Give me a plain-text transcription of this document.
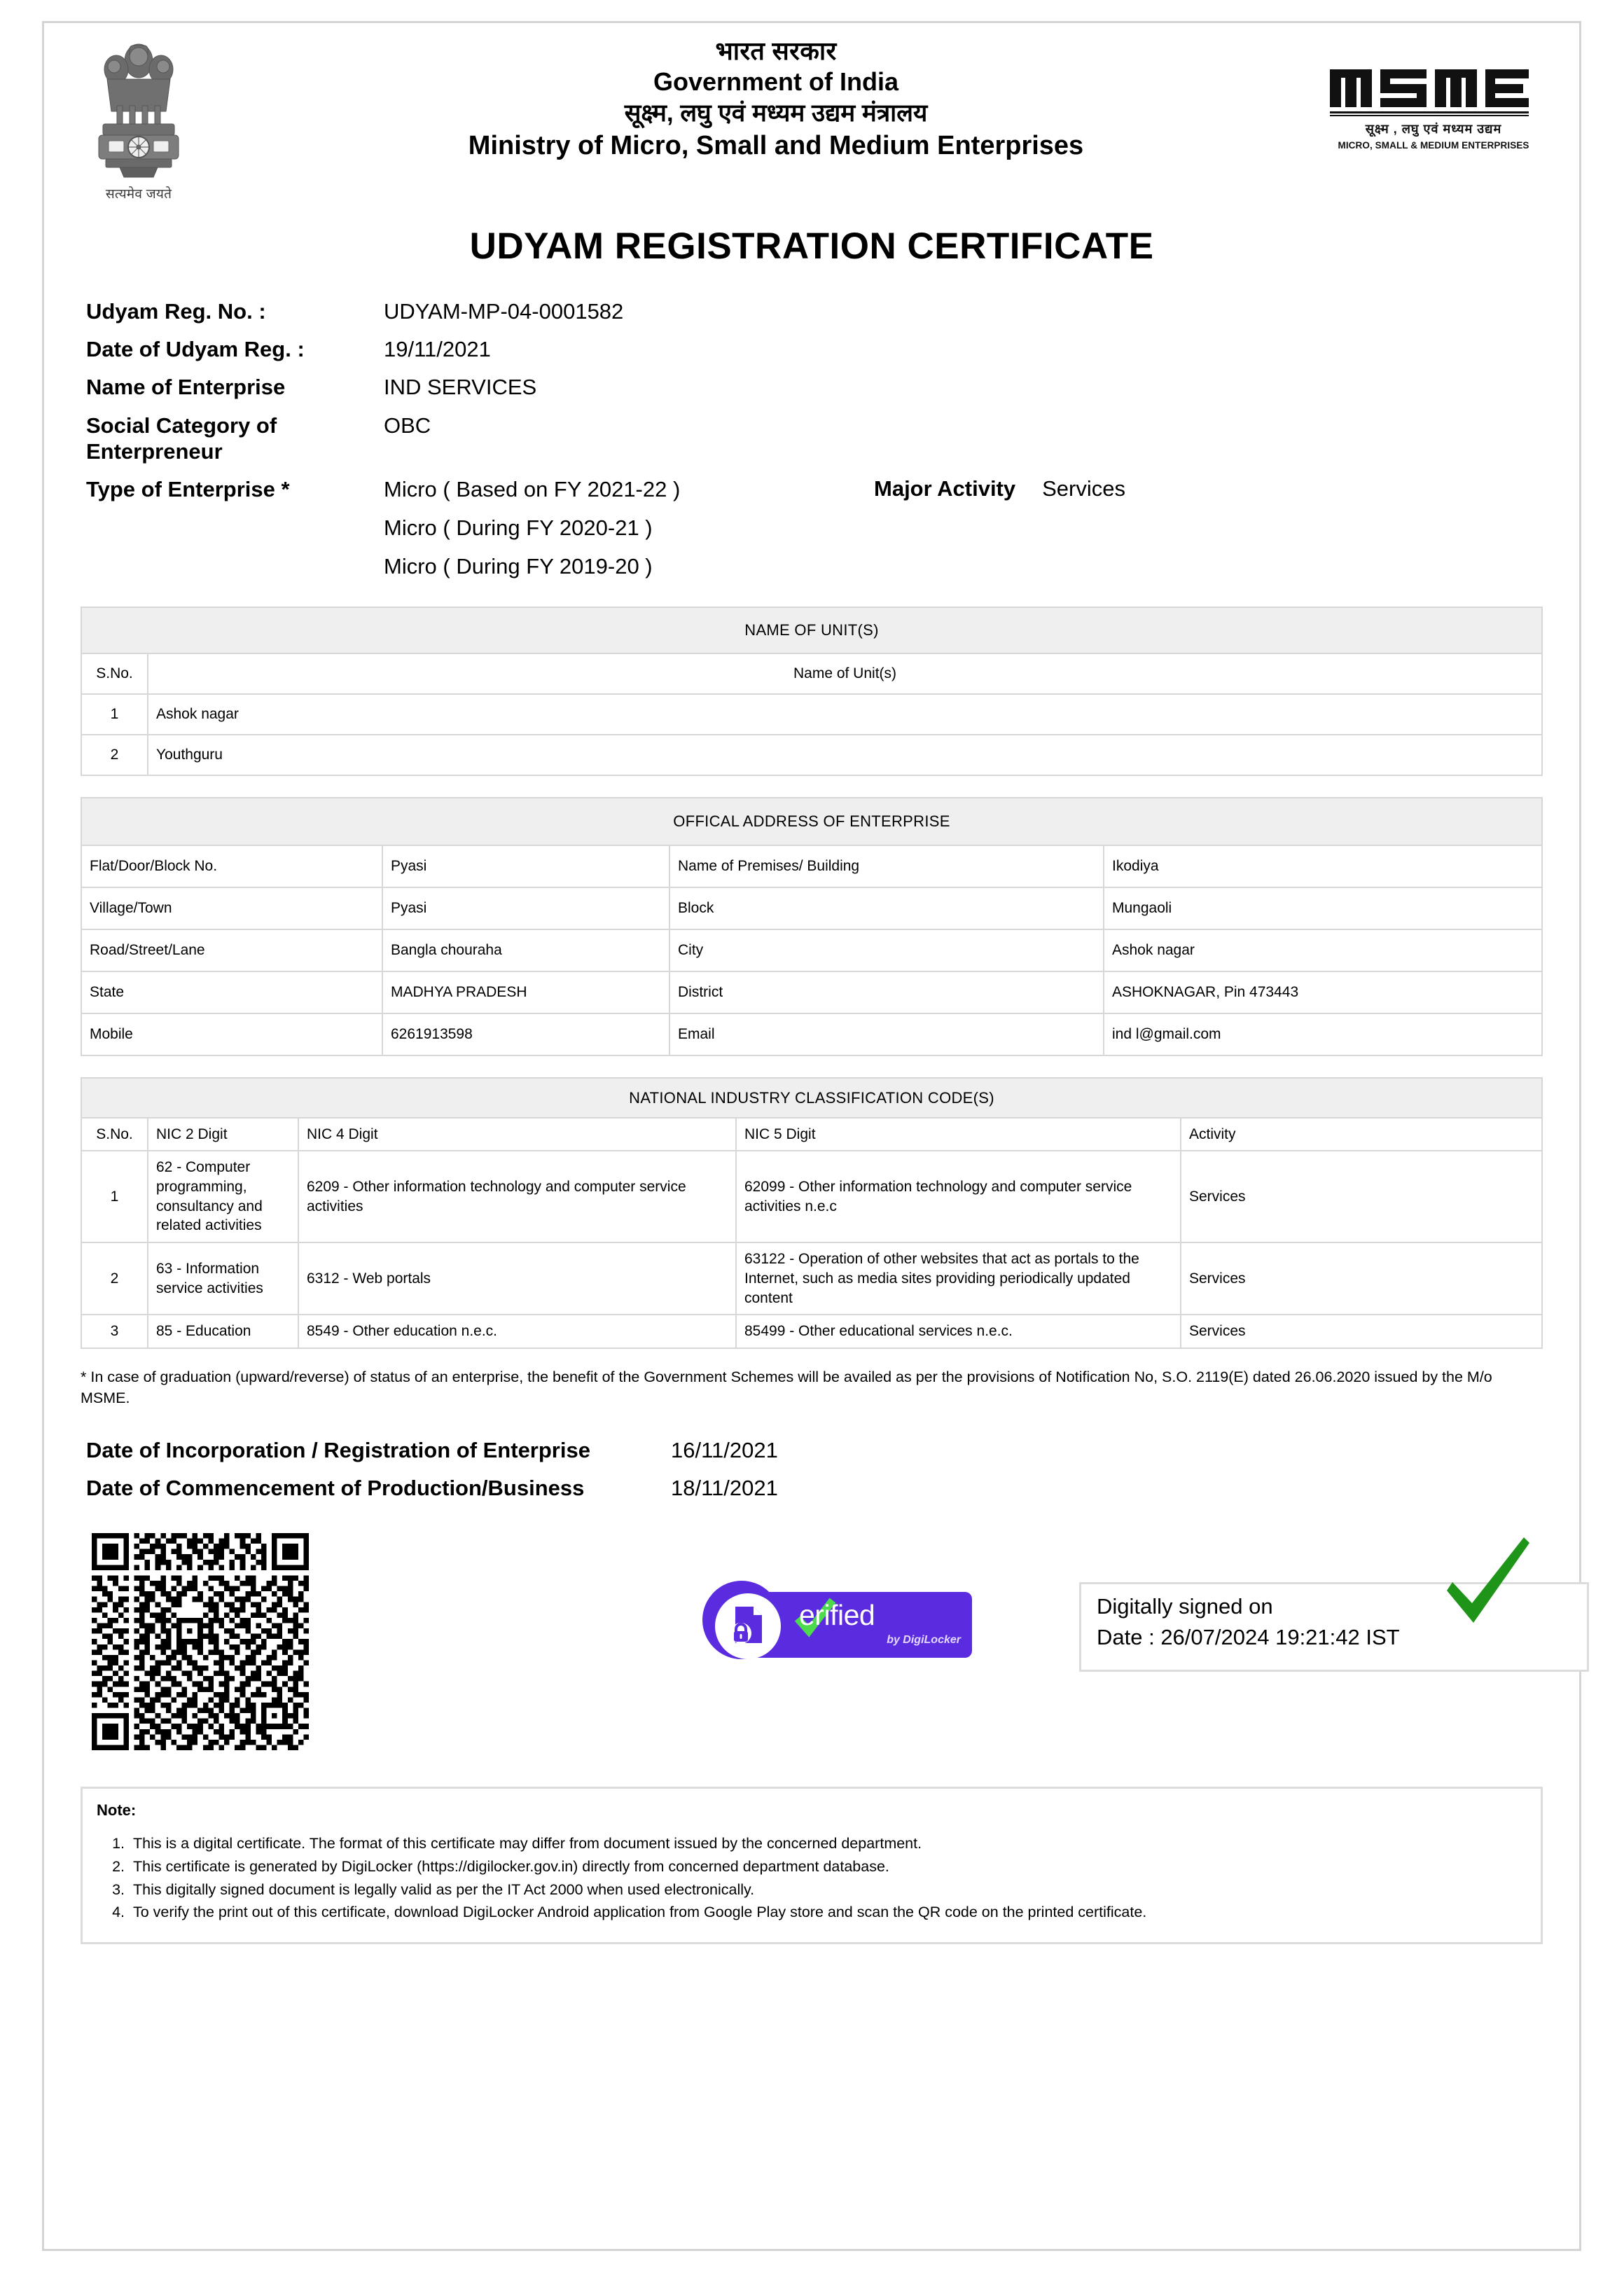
सत्यमेव जयते
भारत सरकार
Government of India
सूक्ष्म, लघु एवं मध्यम उद्यम मंत्रालय
Ministry of Micro, Small and Medium Enterprises
सूक्ष्म , लघु एवं मध्यम उद्यम
MICRO, SMALL & MEDIUM ENTERPRISES
UDYAM REGISTRATION CERTIFICATE
Udyam Reg. No. :	UDYAM-MP-04-0001582
Date of Udyam Reg. :	19/11/2021
Name of Enterprise	IND SERVICES
Social Category of Enterpreneur
OBC
Type of Enterprise *	Micro ( Based on FY 2021-22 )
Micro ( During FY 2020-21 )
Micro ( During FY 2019-20 )
Major Activity Services
NAME OF UNIT(S)	
S.No.	Name of Unit(s)
1	Ashok nagar
2	Youthguru
OFFICAL ADDRESS OF ENTERPRISE			
Flat/Door/Block No.	Pyasi	Name of Premises/ Building	Ikodiya
Village/Town	Pyasi	Block	Mungaoli
Road/Street/Lane	Bangla chouraha	City	Ashok nagar
State	MADHYA PRADESH	District	ASHOKNAGAR, Pin 473443
Mobile	6261913598	Email	ind l@gmail.com
NATIONAL INDUSTRY CLASSIFICATION CODE(S)				
S.No.	NIC 2 Digit	NIC 4 Digit	NIC 5 Digit	Activity
1	62 - Computer programming, consultancy and related activities	6209 - Other information technology and computer service activities	62099 - Other information technology and computer service activities n.e.c	Services
2	63 - Information service activities	6312 - Web portals	63122 - Operation of other websites that act as portals to the Internet, such as media sites providing periodically updated content	Services
3	85 - Education	8549 - Other education n.e.c.	85499 - Other educational services n.e.c.	Services
* In case of graduation (upward/reverse) of status of an enterprise, the benefit of the Government Schemes will be availed as per the provisions of Notification No, S.O. 2119(E) dated 26.06.2020 issued by the M/o MSME.
Date of Incorporation / Registration of Enterprise	16/11/2021
Date of Commencement of Production/Business	18/11/2021
erified
by DigiLocker
Digitally signed on
Date : 26/07/2024 19:21:42 IST
Note:
1. This is a digital certificate. The format of this certificate may differ from document issued by the concerned department.
2. This certificate is generated by DigiLocker (https://digilocker.gov.in) directly from concerned department database.
3. This digitally signed document is legally valid as per the IT Act 2000 when used electronically.
4. To verify the print out of this certificate, download DigiLocker Android application from Google Play store and scan the QR code on the printed certificate.
